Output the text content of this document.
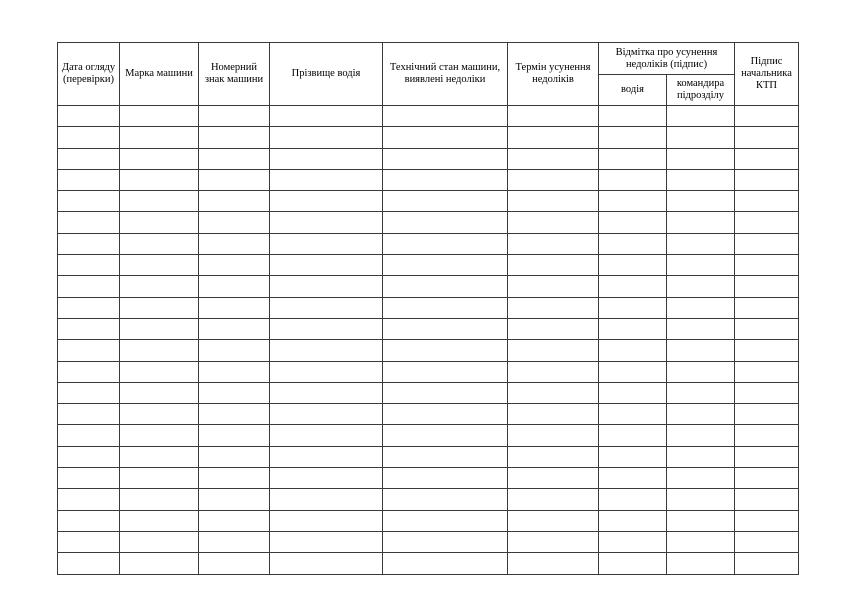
Дата огляду (перевірки)	Марка машини	Номерний знак машини	Прізвище водія	Технічний стан машини, виявлені недоліки	Термін усунення недоліків	Відмітка про усунення недоліків (підпис)		Підпис начальника КТП
						водія	командира підрозділу	
